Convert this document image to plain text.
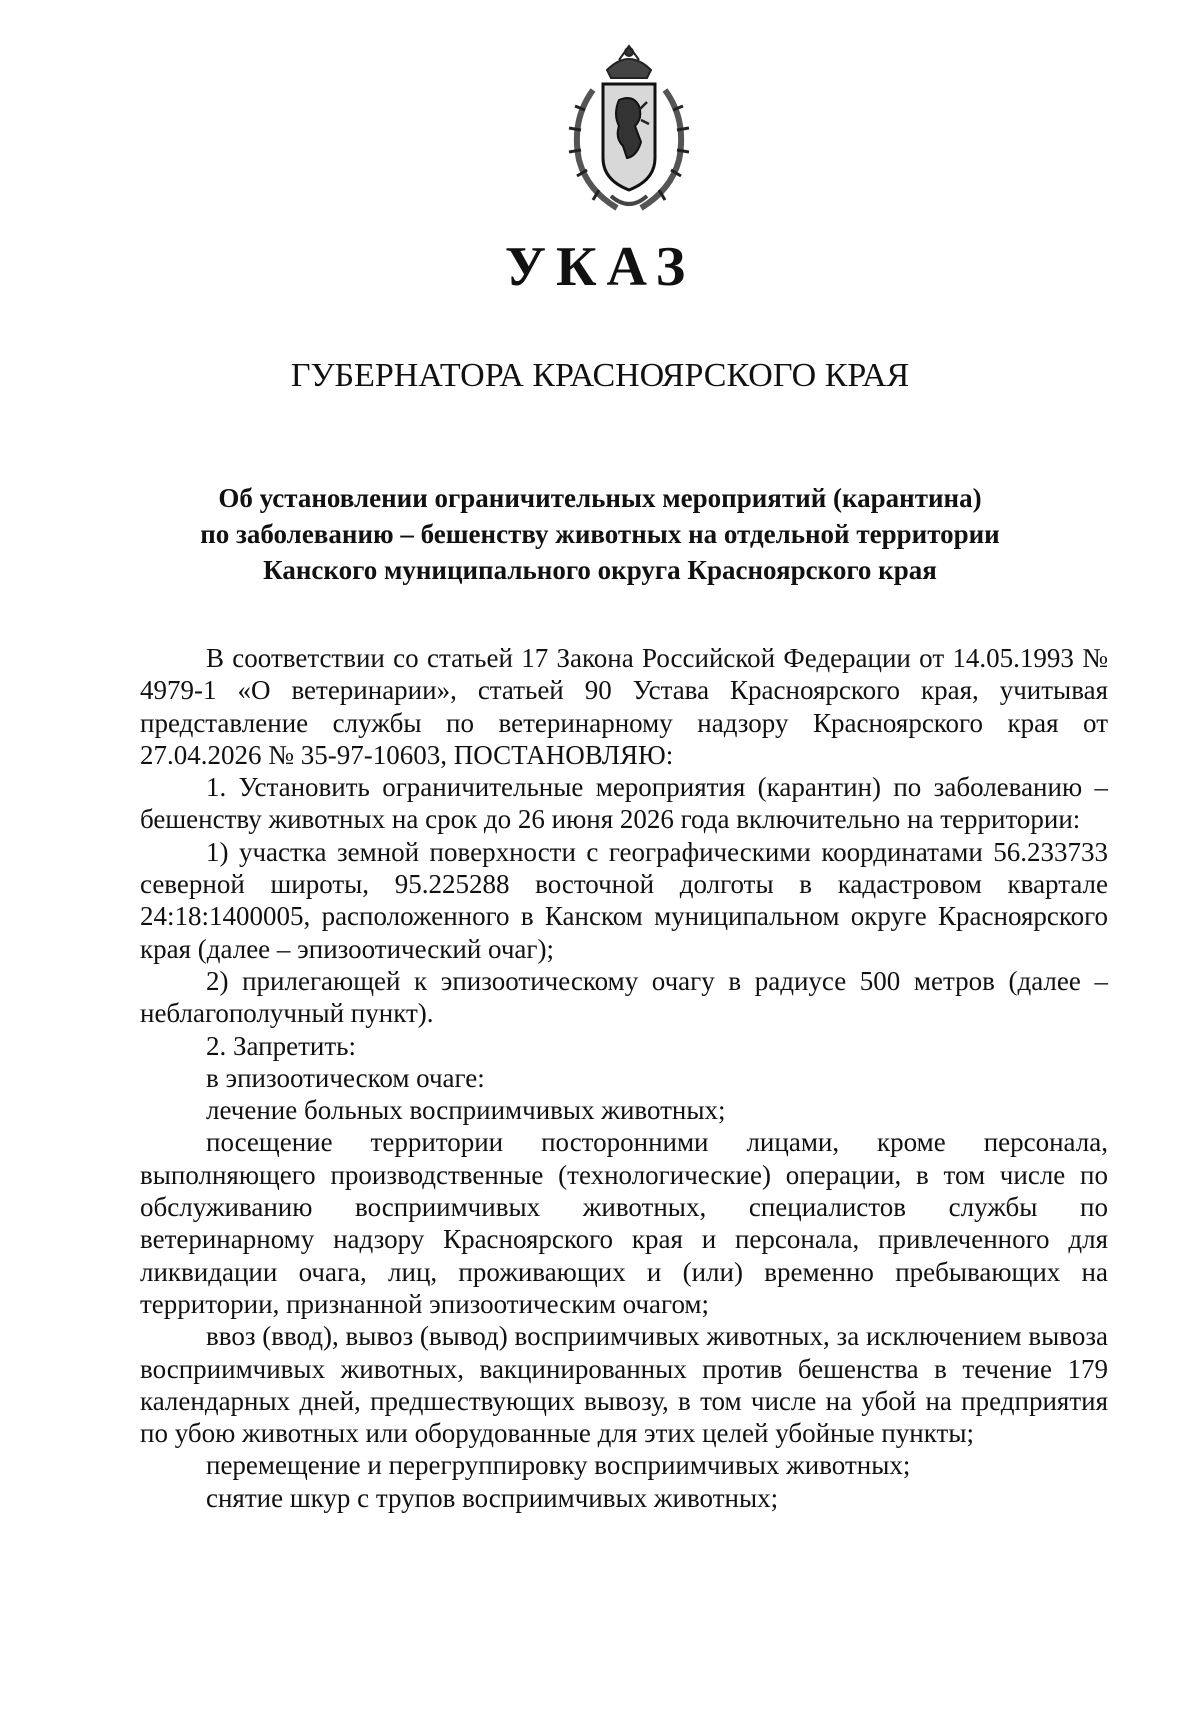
УКАЗ
ГУБЕРНАТОРА КРАСНОЯРСКОГО КРАЯ
Об установлении ограничительных мероприятий (карантина)
по заболеванию – бешенству животных на отдельной территории
Канского муниципального округа Красноярского края

В соответствии со статьей 17 Закона Российской Федерации от 14.05.1993 № 4979-1 «О ветеринарии», статьей 90 Устава Красноярского края, учитывая представление службы по ветеринарному надзору Красноярского края от 27.04.2026 № 35-97-10603, ПОСТАНОВЛЯЮ:

1. Установить ограничительные мероприятия (карантин) по заболеванию – бешенству животных на срок до 26 июня 2026 года включительно на территории:

1) участка земной поверхности с географическими координатами 56.233733 северной широты, 95.225288 восточной долготы в кадастровом квартале 24:18:1400005, расположенного в Канском муниципальном округе Красноярского края (далее – эпизоотический очаг);

2) прилегающей к эпизоотическому очагу в радиусе 500 метров (далее – неблагополучный пункт).

2. Запретить:

в эпизоотическом очаге:

лечение больных восприимчивых животных;

посещение территории посторонними лицами, кроме персонала, выполняющего производственные (технологические) операции, в том числе по обслуживанию восприимчивых животных, специалистов службы по ветеринарному надзору Красноярского края и персонала, привлеченного для ликвидации очага, лиц, проживающих и (или) временно пребывающих на территории, признанной эпизоотическим очагом;

ввоз (ввод), вывоз (вывод) восприимчивых животных, за исключением вывоза восприимчивых животных, вакцинированных против бешенства в течение 179 календарных дней, предшествующих вывозу, в том числе на убой на предприятия по убою животных или оборудованные для этих целей убойные пункты;

перемещение и перегруппировку восприимчивых животных;

снятие шкур с трупов восприимчивых животных;
